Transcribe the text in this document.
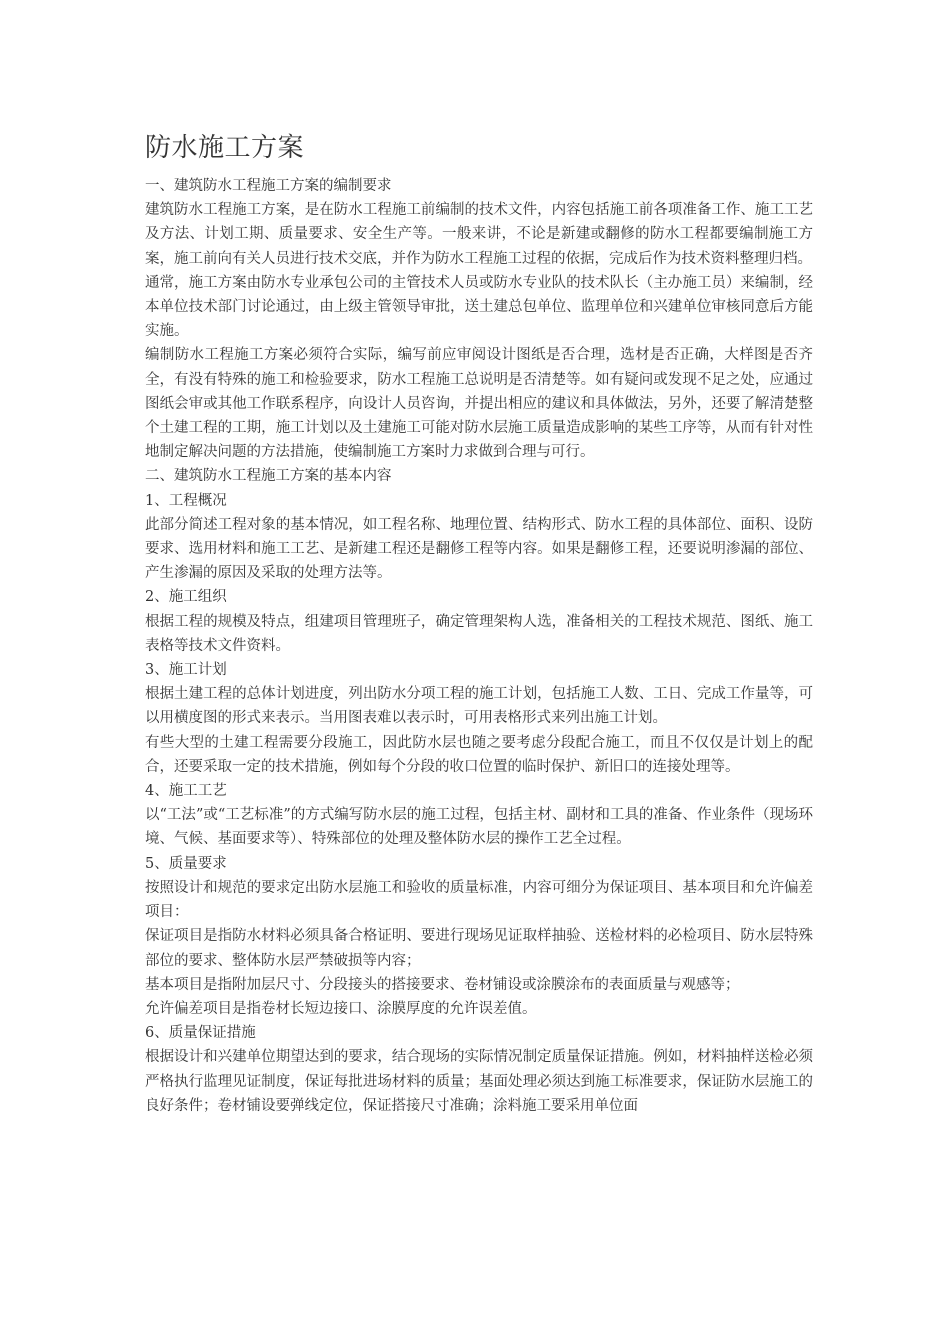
防水施工方案

一、建筑防水工程施工方案的编制要求

建筑防水工程施工方案，是在防水工程施工前编制的技术文件，内容包括施工前各项准备工作、施工工艺及方法、计划工期、质量要求、安全生产等。一般来讲，不论是新建或翻修的防水工程都要编制施工方案，施工前向有关人员进行技术交底，并作为防水工程施工过程的依据，完成后作为技术资料整理归档。

通常，施工方案由防水专业承包公司的主管技术人员或防水专业队的技术队长（主办施工员）来编制，经本单位技术部门讨论通过，由上级主管领导审批，送土建总包单位、监理单位和兴建单位审核同意后方能实施。

编制防水工程施工方案必须符合实际，编写前应审阅设计图纸是否合理，选材是否正确，大样图是否齐全，有没有特殊的施工和检验要求，防水工程施工总说明是否清楚等。如有疑问或发现不足之处，应通过图纸会审或其他工作联系程序，向设计人员咨询，并提出相应的建议和具体做法，另外，还要了解清楚整个土建工程的工期，施工计划以及土建施工可能对防水层施工质量造成影响的某些工序等，从而有针对性地制定解决问题的方法措施，使编制施工方案时力求做到合理与可行。

二、建筑防水工程施工方案的基本内容

1、工程概况

此部分简述工程对象的基本情况，如工程名称、地理位置、结构形式、防水工程的具体部位、面积、设防要求、选用材料和施工工艺、是新建工程还是翻修工程等内容。如果是翻修工程，还要说明渗漏的部位、产生渗漏的原因及采取的处理方法等。

2、施工组织

根据工程的规模及特点，组建项目管理班子，确定管理架构人选，准备相关的工程技术规范、图纸、施工表格等技术文件资料。

3、施工计划

根据土建工程的总体计划进度，列出防水分项工程的施工计划，包括施工人数、工日、完成工作量等，可以用横度图的形式来表示。当用图表难以表示时，可用表格形式来列出施工计划。

有些大型的土建工程需要分段施工，因此防水层也随之要考虑分段配合施工，而且不仅仅是计划上的配合，还要采取一定的技术措施，例如每个分段的收口位置的临时保护、新旧口的连接处理等。

4、施工工艺

以“工法”或“工艺标准”的方式编写防水层的施工过程，包括主材、副材和工具的准备、作业条件（现场环境、气候、基面要求等）、特殊部位的处理及整体防水层的操作工艺全过程。

5、质量要求

按照设计和规范的要求定出防水层施工和验收的质量标准，内容可细分为保证项目、基本项目和允许偏差项目：

保证项目是指防水材料必须具备合格证明、要进行现场见证取样抽验、送检材料的必检项目、防水层特殊部位的要求、整体防水层严禁破损等内容；

基本项目是指附加层尺寸、分段接头的搭接要求、卷材铺设或涂膜涂布的表面质量与观感等；

允许偏差项目是指卷材长短边接口、涂膜厚度的允许误差值。

6、质量保证措施

根据设计和兴建单位期望达到的要求，结合现场的实际情况制定质量保证措施。例如，材料抽样送检必须严格执行监理见证制度，保证每批进场材料的质量；基面处理必须达到施工标准要求，保证防水层施工的良好条件；卷材铺设要弹线定位，保证搭接尺寸准确；涂料施工要采用单位面
